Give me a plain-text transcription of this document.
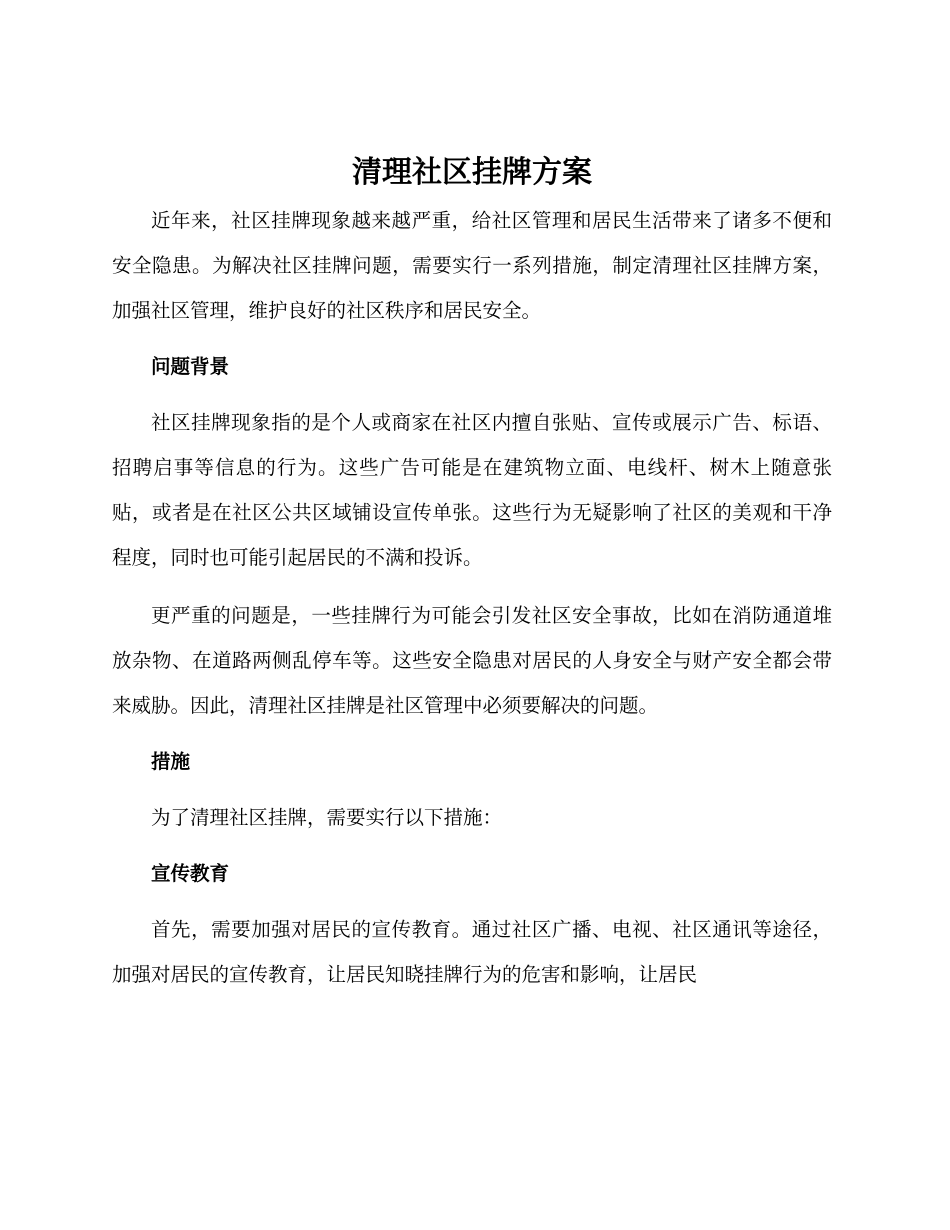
清理社区挂牌方案

近年来，社区挂牌现象越来越严重，给社区管理和居民生活带来了诸多不便和安全隐患。为解决社区挂牌问题，需要实行一系列措施，制定清理社区挂牌方案，加强社区管理，维护良好的社区秩序和居民安全。

问题背景

社区挂牌现象指的是个人或商家在社区内擅自张贴、宣传或展示广告、标语、招聘启事等信息的行为。这些广告可能是在建筑物立面、电线杆、树木上随意张贴，或者是在社区公共区域铺设宣传单张。这些行为无疑影响了社区的美观和干净程度，同时也可能引起居民的不满和投诉。

更严重的问题是，一些挂牌行为可能会引发社区安全事故，比如在消防通道堆放杂物、在道路两侧乱停车等。这些安全隐患对居民的人身安全与财产安全都会带来威胁。因此，清理社区挂牌是社区管理中必须要解决的问题。

措施

为了清理社区挂牌，需要实行以下措施：

宣传教育

首先，需要加强对居民的宣传教育。通过社区广播、电视、社区通讯等途径，加强对居民的宣传教育，让居民知晓挂牌行为的危害和影响，让居民
